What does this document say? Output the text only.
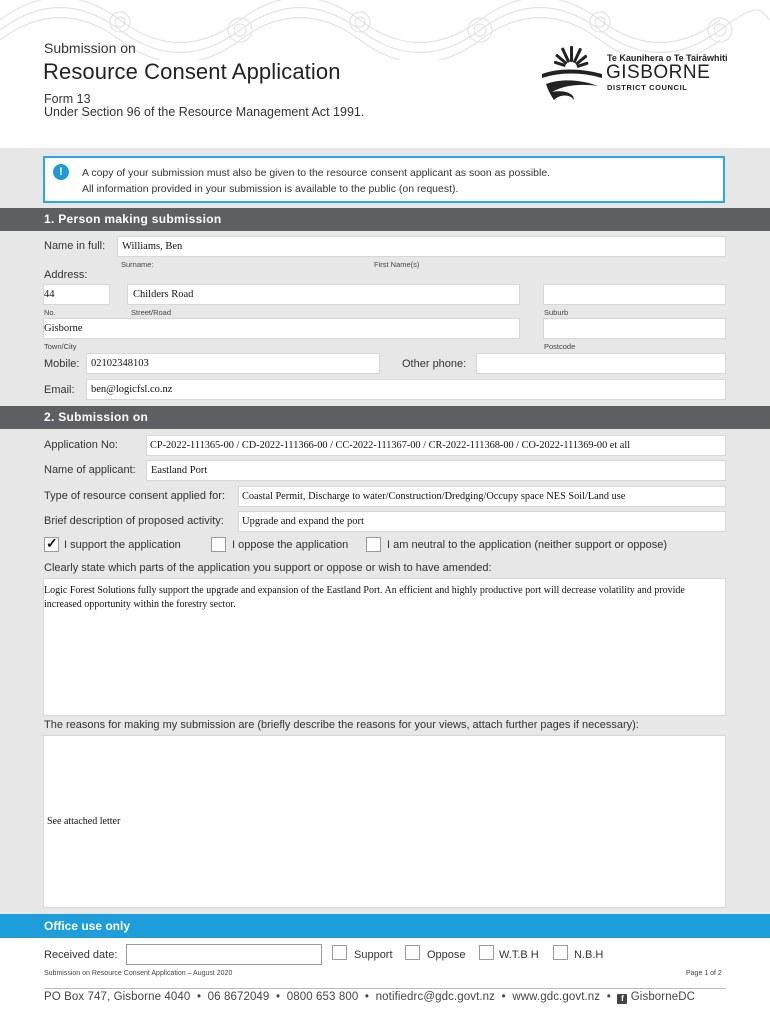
Submission on
Resource Consent Application
Form 13
Under Section 96 of the Resource Management Act 1991.
Te Kaunihera o Te Tairāwhiti
GISBORNE
DISTRICT COUNCIL
!	A copy of your submission must also be given to the resource consent applicant as soon as possible.
All information provided in your submission is available to the public (on request).
1. Person making submission
Name in full: Williams, Ben
Surname:	First Name(s)
Address:
44	Childers Road
No.	Street/Road	Suburb
Gisborne
Town/City	Postcode
Mobile: 02102348103	Other phone:
Email: ben@logicfsl.co.nz
2. Submission on
Application No:	CP-2022-111365-00 / CD-2022-111366-00 / CC-2022-111367-00 / CR-2022-111368-00 / CO-2022-111369-00 et all
Name of applicant: Eastland Port
Type of resource consent applied for: Coastal Permit, Discharge to water/Construction/Dredging/Occupy space NES Soil/Land use
Brief description of proposed activity: Upgrade and expand the port
✓
I support the application	I oppose the application	I am neutral to the application (neither support or oppose)
Clearly state which parts of the application you support or oppose or wish to have amended:
Logic Forest Solutions fully support the upgrade and expansion of the Eastland Port. An efficient and highly productive port will decrease volatility and provide increased opportunity within the forestry sector.
The reasons for making my submission are (briefly describe the reasons for your views, attach further pages if necessary):
See attached letter
Office use only
Received date:	Support	Oppose	W.T.B H	N.B.H
Submission on Resource Consent Application – August 2020	Page 1 of 2
PO Box 747, Gisborne 4040 • 06 8672049 • 0800 653 800 • notifiedrc@gdc.govt.nz • www.gdc.govt.nz • f GisborneDC
